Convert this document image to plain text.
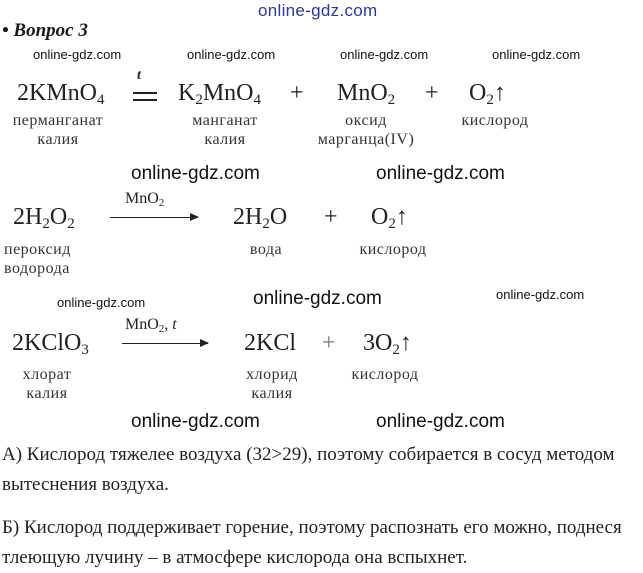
online-gdz.com
• Вопрос 3
online-gdz.com	online-gdz.com	online-gdz.com	online-gdz.com
2KMnO$_4$
t
$K_2MnO_4 + MnO_2$ + $O_2↑$
перманганат
калия
манганат
калия
оксид
марганца(IV)
кислород
online-gdz.com	online-gdz.com
MnO$_2$
$2H_2O_2$	$2H_2O$ + $O_2↑$
пероксид
водорода
вода	кислород
online-gdz.com	online-gdz.com	online-gdz.com
MnO$_2$, t
2KClO$_3$	$2KCl + 3O_2↑$
хлорат
калия
хлорид
калия
кислород
online-gdz.com	online-gdz.com
А) Кислород тяжелее воздуха (32>29), поэтому собирается в сосуд методом вытеснения воздуха.
Б) Кислород поддерживает горение, поэтому распознать его можно, поднеся тлеющую лучину – в атмосфере кислорода она вспыхнет.
